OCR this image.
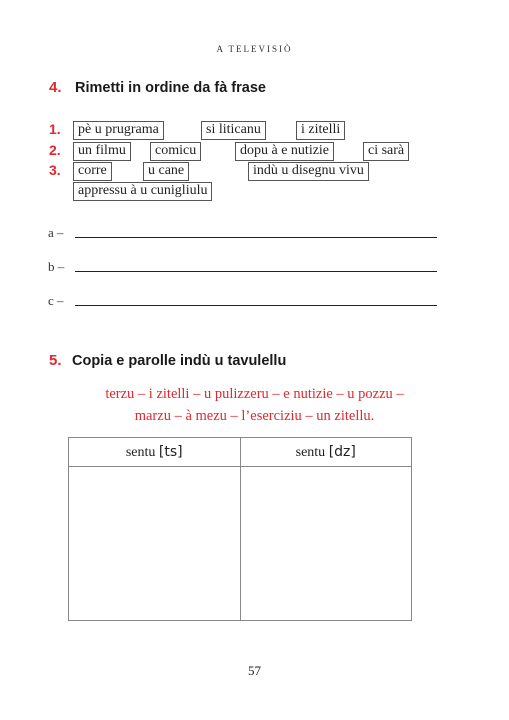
A TELEVISIÒ
4. Rimetti in ordine da fà frase
1.	pè u prugrama	si liticanu	i zitelli
2.	un filmu	comicu	dopu à e nutizie	ci sarà
3.	corre	u cane	indù u disegnu vivu
appressu à u cunigliulu
a –
b –
c –
5. Copia e parolle indù u tavulellu
terzu – i zitelli – u pulizzeru – e nutizie – u pozzu –
marzu – à mezu – l’eserciziu – un zitellu.
sentu [ts]	sentu [dz]

57
